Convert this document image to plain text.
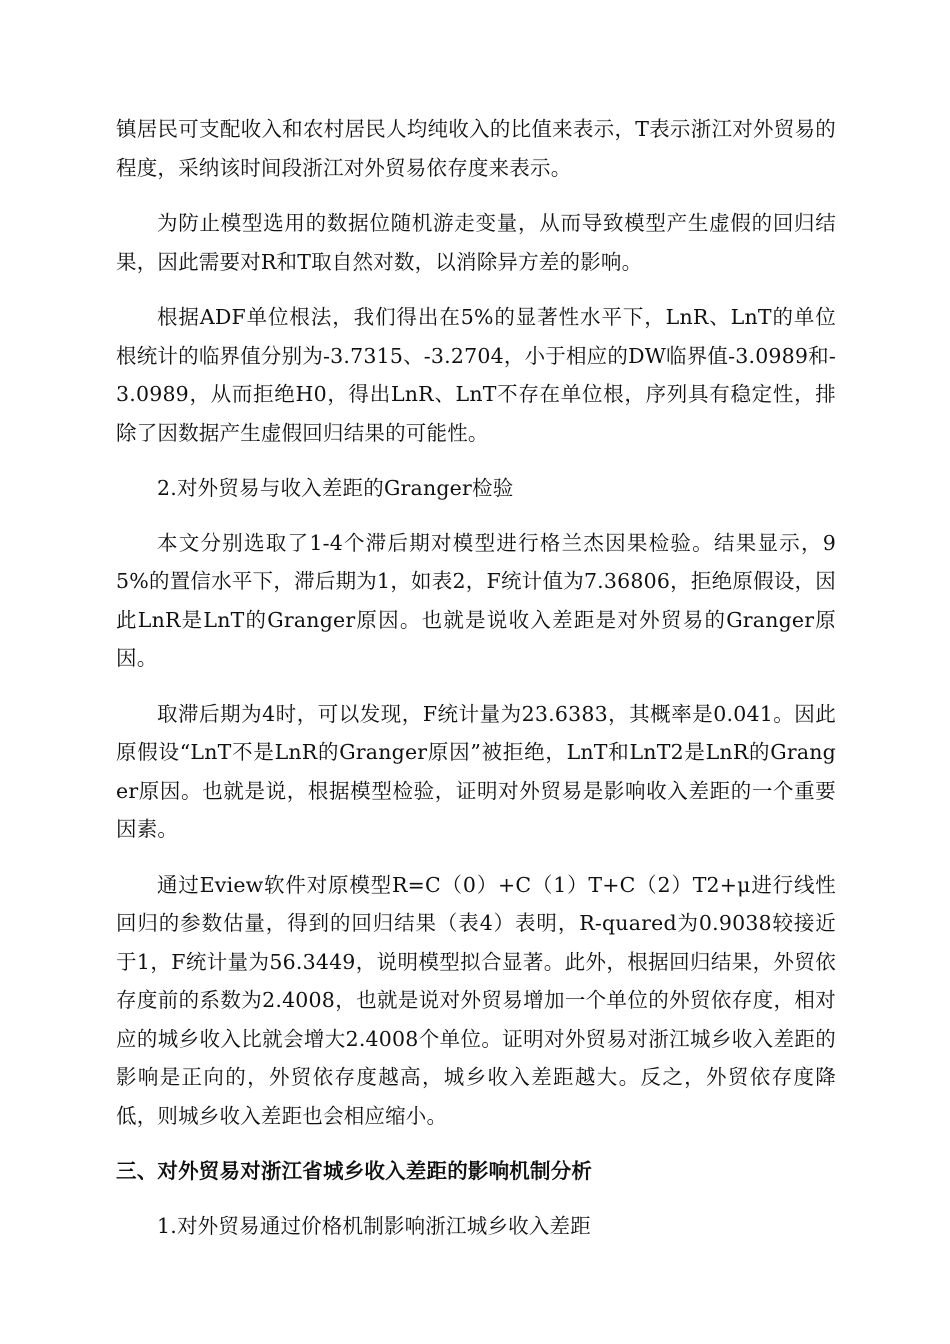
镇居民可支配收入和农村居民人均纯收入的比值来表示，T表示浙江对外贸易的程度，采纳该时间段浙江对外贸易依存度来表示。

为防止模型选用的数据位随机游走变量，从而导致模型产生虚假的回归结果，因此需要对R和T取自然对数，以消除异方差的影响。

根据ADF单位根法，我们得出在5%的显著性水平下，LnR、LnT的单位根统计的临界值分别为-3.7315、-3.2704，小于相应的DW临界值-3.0989和-3.0989，从而拒绝H0，得出LnR、LnT不存在单位根，序列具有稳定性，排除了因数据产生虚假回归结果的可能性。

2.对外贸易与收入差距的Granger检验

本文分别选取了1-4个滞后期对模型进行格兰杰因果检验。结果显示，95%的置信水平下，滞后期为1，如表2，F统计值为7.36806，拒绝原假设，因此LnR是LnT的Granger原因。也就是说收入差距是对外贸易的Granger原因。

取滞后期为4时，可以发现，F统计量为23.6383，其概率是0.041。因此原假设“LnT不是LnR的Granger原因”被拒绝，LnT和LnT2是LnR的Granger原因。也就是说，根据模型检验，证明对外贸易是影响收入差距的一个重要因素。

通过Eview软件对原模型R=C（0）+C（1）T+C（2）T2+μ进行线性回归的参数估量，得到的回归结果（表4）表明，R-quared为0.9038较接近于1，F统计量为56.3449，说明模型拟合显著。此外，根据回归结果，外贸依存度前的系数为2.4008，也就是说对外贸易增加一个单位的外贸依存度，相对应的城乡收入比就会增大2.4008个单位。证明对外贸易对浙江城乡收入差距的影响是正向的，外贸依存度越高，城乡收入差距越大。反之，外贸依存度降低，则城乡收入差距也会相应缩小。

三、对外贸易对浙江省城乡收入差距的影响机制分析

1.对外贸易通过价格机制影响浙江城乡收入差距
